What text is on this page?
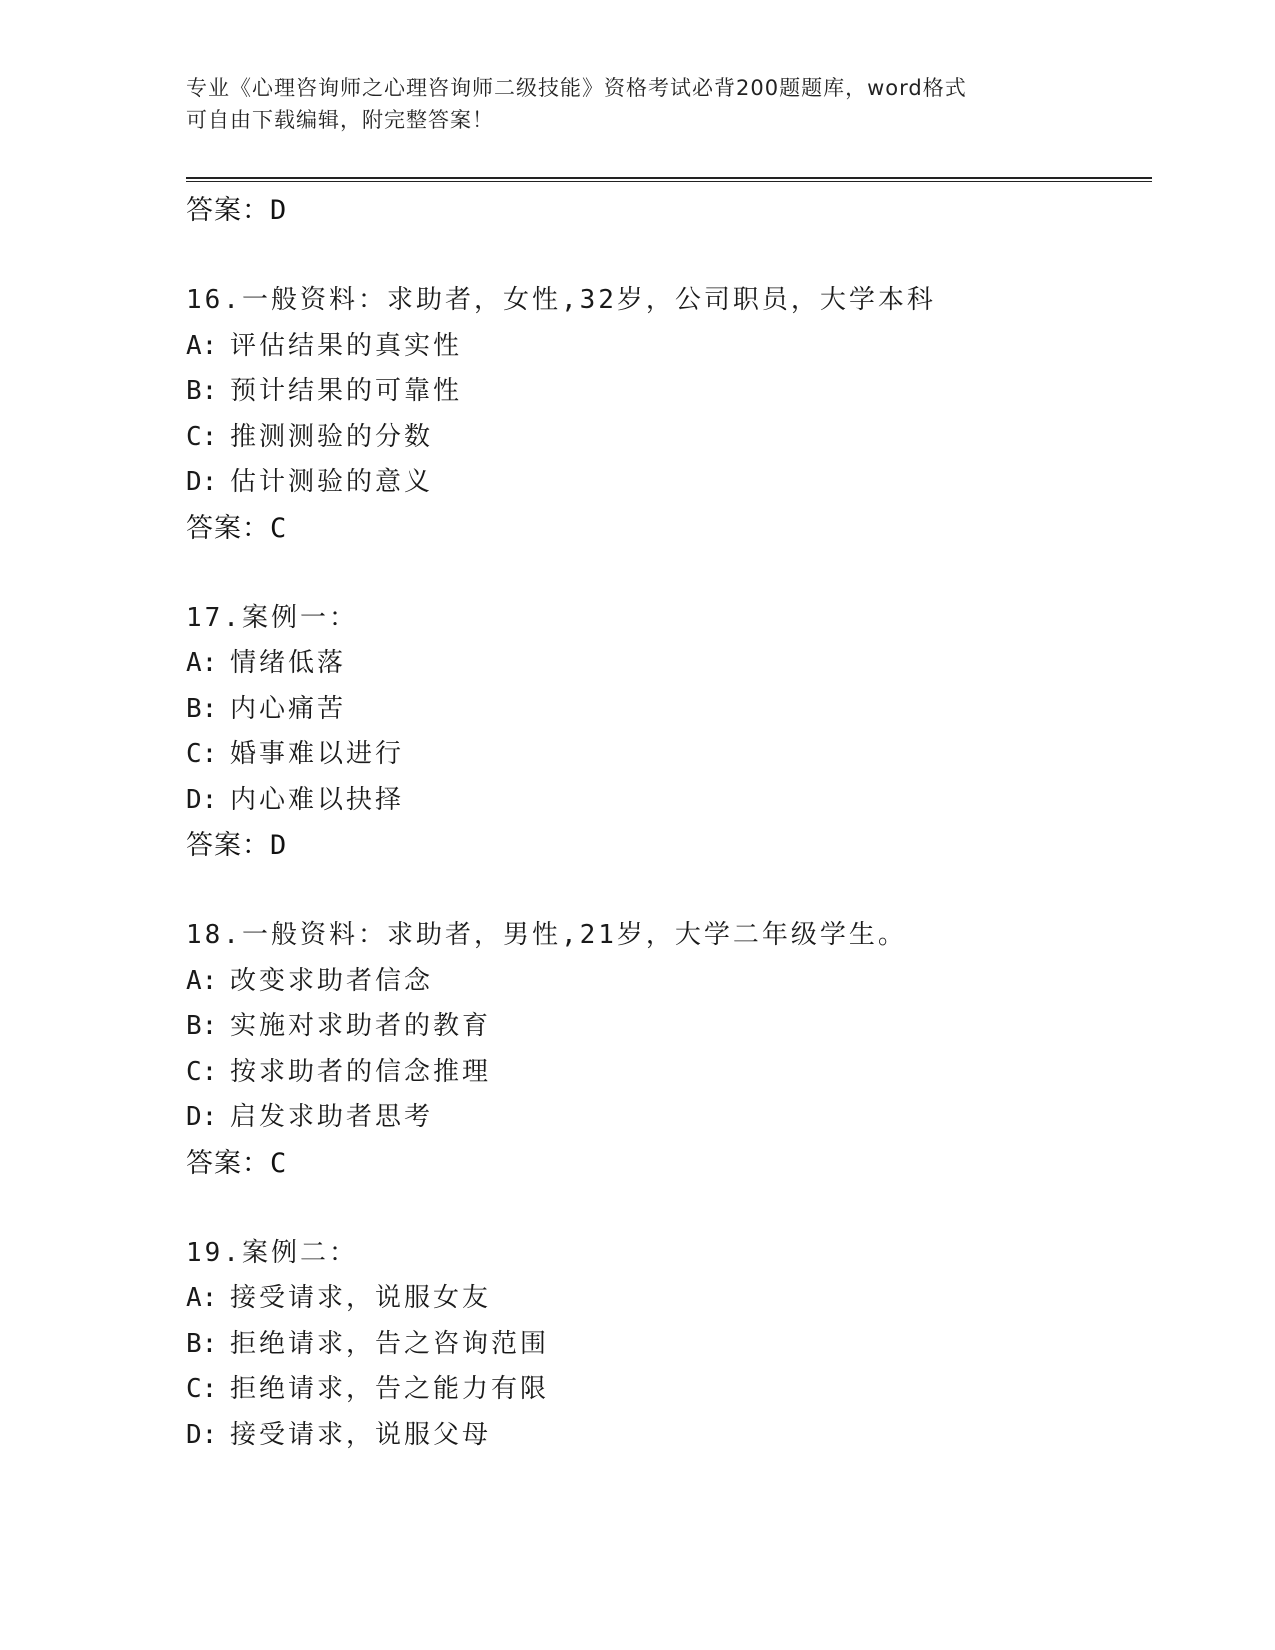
专业《心理咨询师之心理咨询师二级技能》资格考试必背200题题库，word格式
可自由下载编辑，附完整答案！
答案：D
16.一般资料：求助者，女性,32岁，公司职员，大学本科
A: 评估结果的真实性
B: 预计结果的可靠性
C: 推测测验的分数
D: 估计测验的意义
答案：C
17.案例一：
A: 情绪低落
B: 内心痛苦
C: 婚事难以进行
D: 内心难以抉择
答案：D
18.一般资料：求助者，男性,21岁，大学二年级学生。
A: 改变求助者信念
B: 实施对求助者的教育
C: 按求助者的信念推理
D: 启发求助者思考
答案：C
19.案例二：
A: 接受请求，说服女友
B: 拒绝请求，告之咨询范围
C: 拒绝请求，告之能力有限
D: 接受请求，说服父母
